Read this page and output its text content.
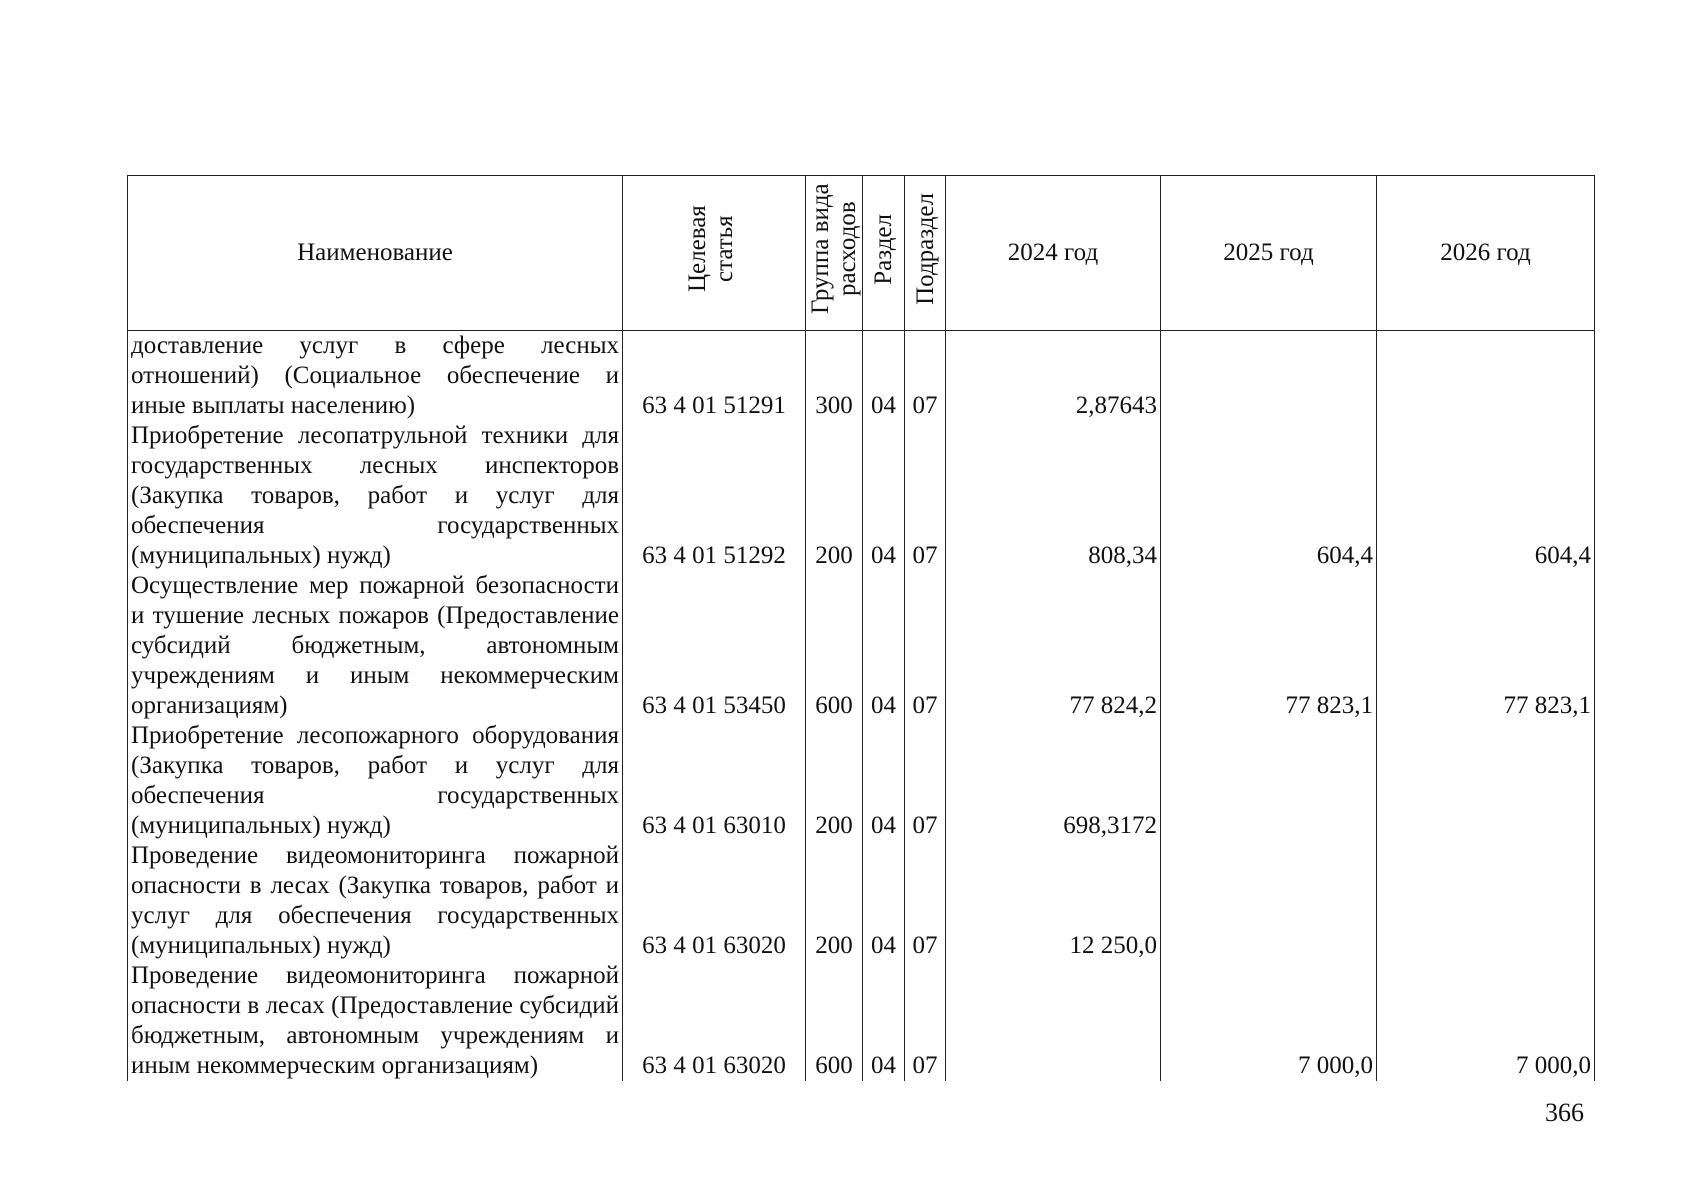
Наименование	Целевая статья	Группа вида расходов	Раздел	Подраздел	2024 год	2025 год	2026 год
доставление услуг в сфере лесных отношений) (Социальное обеспечение и иные выплаты населению)	63 4 01 51291	300	04	07	2,87643		
Приобретение лесопатрульной техники для государственных лесных инспекторов (Закупка товаров, работ и услуг для обеспечения государственных (муниципальных) нужд)	63 4 01 51292	200	04	07	808,34	604,4	604,4
Осуществление мер пожарной безопасности и тушение лесных пожаров (Предоставление субсидий бюджетным, автономным учреждениям и иным некоммерческим организациям)	63 4 01 53450	600	04	07	77 824,2	77 823,1	77 823,1
Приобретение лесопожарного оборудования (Закупка товаров, работ и услуг для обеспечения государственных (муниципальных) нужд)	63 4 01 63010	200	04	07	698,3172		
Проведение видеомониторинга пожарной опасности в лесах (Закупка товаров, работ и услуг для обеспечения государственных (муниципальных) нужд)	63 4 01 63020	200	04	07	12 250,0		
Проведение видеомониторинга пожарной опасности в лесах (Предоставление субсидий бюджетным, автономным учреждениям и иным некоммерческим организациям)	63 4 01 63020	600	04	07		7 000,0	7 000,0
366
